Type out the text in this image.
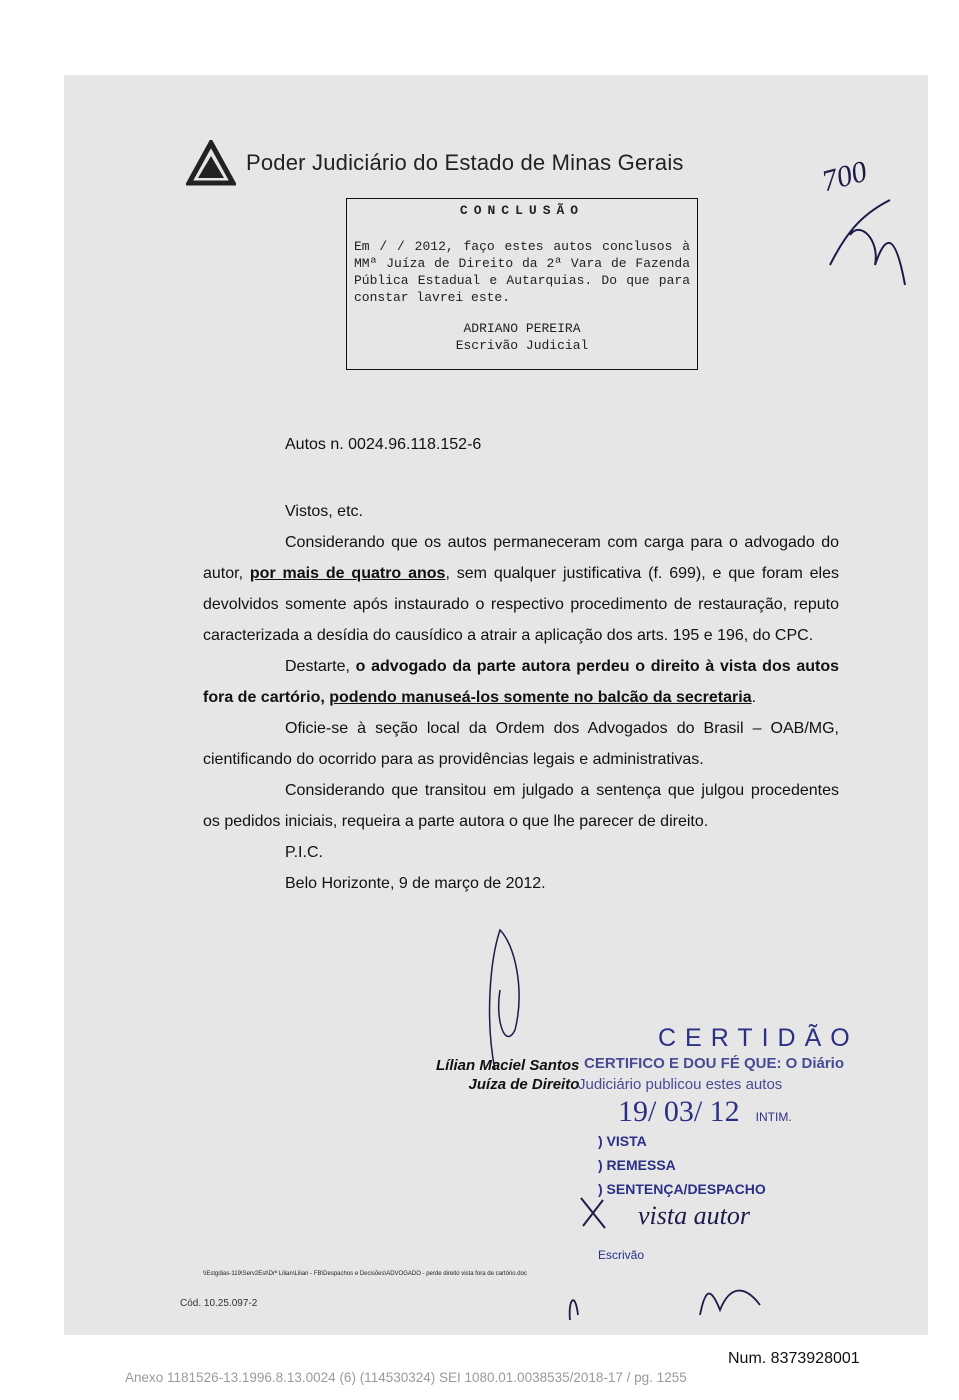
Poder Judiciário do Estado de Minas Gerais	700
CONCLUSÃO
Em / / 2012, faço estes autos conclusos à MMª Juíza de Direito da 2ª Vara de Fazenda Pública Estadual e Autarquias. Do que para constar lavrei este.
ADRIANO PEREIRA
Escrivão Judicial
Autos n. 0024.96.118.152-6

Vistos, etc.

Considerando que os autos permaneceram com carga para o advogado do autor, por mais de quatro anos, sem qualquer justificativa (f. 699), e que foram eles devolvidos somente após instaurado o respectivo procedimento de restauração, reputo caracterizada a desídia do causídico a atrair a aplicação dos arts. 195 e 196, do CPC.

Destarte, o advogado da parte autora perdeu o direito à vista dos autos fora de cartório, podendo manuseá-los somente no balcão da secretaria.

Oficie-se à seção local da Ordem dos Advogados do Brasil – OAB/MG, cientificando do ocorrido para as providências legais e administrativas.

Considerando que transitou em julgado a sentença que julgou procedentes os pedidos iniciais, requeira a parte autora o que lhe parecer de direito.

P.I.C.

Belo Horizonte, 9 de março de 2012.

Lílian Maciel Santos
Juíza de Direito
CERTIDÃO
CERTIFICO E DOU FÉ QUE: O Diário
Judiciário publicou estes autos
19/ 03/ 12 INTIM.
) VISTA
) REMESSA
) SENTENÇA/DESPACHO
vista autor
Escrivão
\\Estgdias-119\Serv2Est\Drª Lilian\Lilian - FB\Despachos e Decisões\ADVOGADO - perde direito vista fora de cartório.doc
Cód. 10.25.097-2
Num. 8373928001
Anexo 1181526-13.1996.8.13.0024 (6) (114530324) SEI 1080.01.0038535/2018-17 / pg. 1255
